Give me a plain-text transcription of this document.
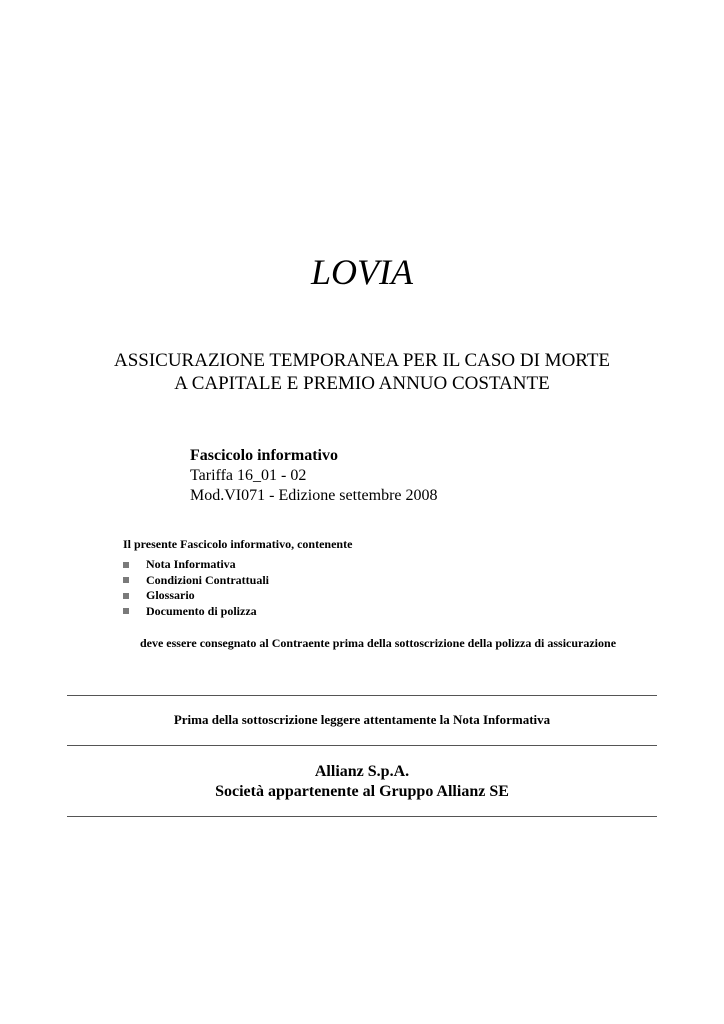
LOVIA
ASSICURAZIONE TEMPORANEA PER IL CASO DI MORTE
A CAPITALE E PREMIO ANNUO COSTANTE
Fascicolo informativo
Tariffa 16_01 - 02
Mod.VI071 - Edizione settembre 2008
Il presente Fascicolo informativo, contenente
Nota Informativa
Condizioni Contrattuali
Glossario
Documento di polizza
deve essere consegnato al Contraente prima della sottoscrizione della polizza di assicurazione
Prima della sottoscrizione leggere attentamente la Nota Informativa
Allianz S.p.A.
Società appartenente al Gruppo Allianz SE
